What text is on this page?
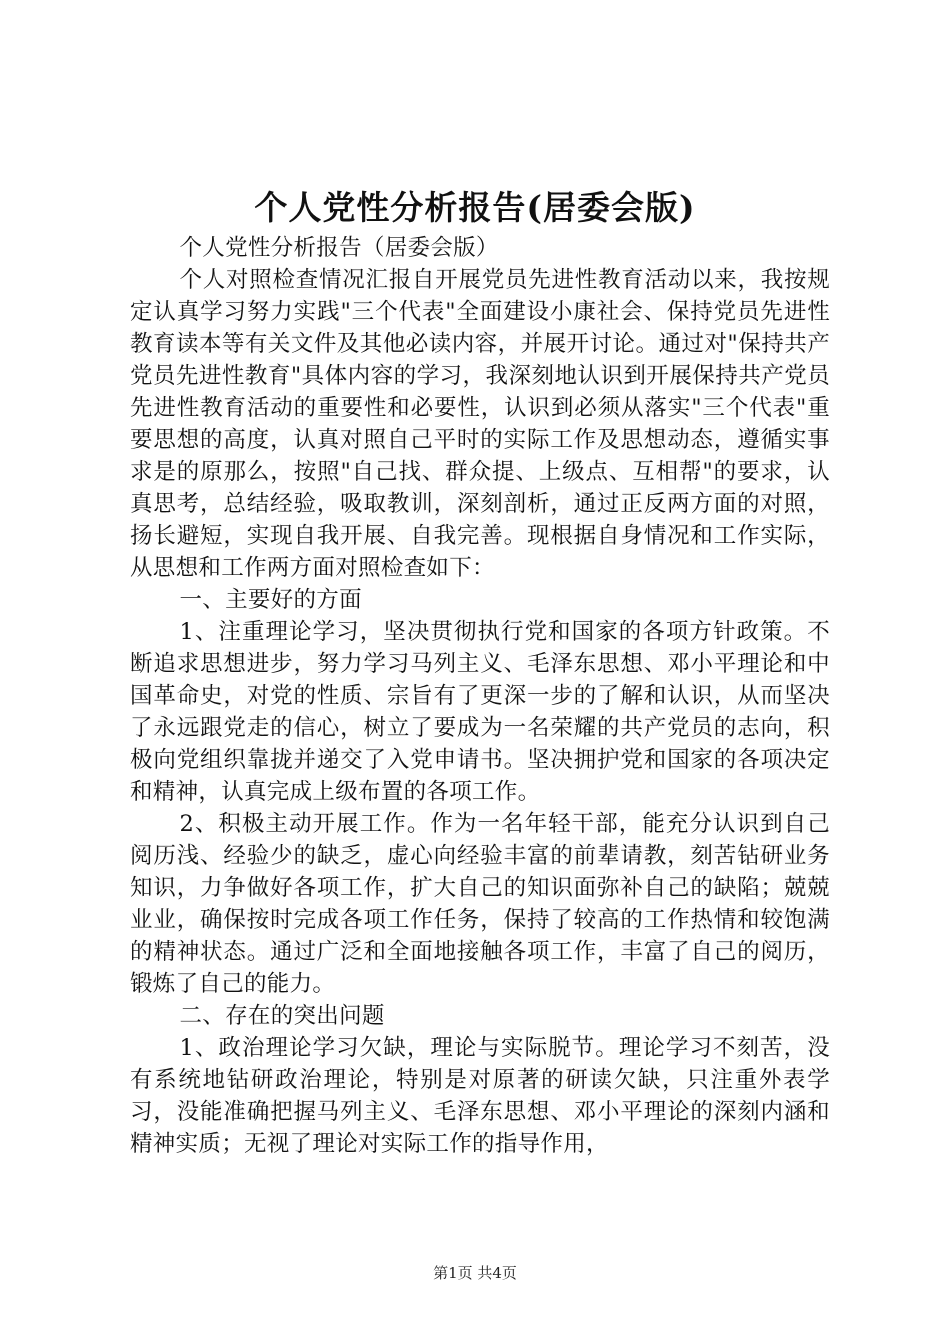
个人党性分析报告(居委会版)

个人党性分析报告（居委会版）

个人对照检查情况汇报自开展党员先进性教育活动以来，我按规定认真学习努力实践"三个代表"全面建设小康社会、保持党员先进性教育读本等有关文件及其他必读内容，并展开讨论。通过对"保持共产党员先进性教育"具体内容的学习，我深刻地认识到开展保持共产党员先进性教育活动的重要性和必要性，认识到必须从落实"三个代表"重要思想的高度，认真对照自己平时的实际工作及思想动态，遵循实事求是的原那么，按照"自己找、群众提、上级点、互相帮"的要求，认真思考，总结经验，吸取教训，深刻剖析，通过正反两方面的对照，扬长避短，实现自我开展、自我完善。现根据自身情况和工作实际，从思想和工作两方面对照检查如下：

一、主要好的方面

1、注重理论学习，坚决贯彻执行党和国家的各项方针政策。不断追求思想进步，努力学习马列主义、毛泽东思想、邓小平理论和中国革命史，对党的性质、宗旨有了更深一步的了解和认识，从而坚决了永远跟党走的信心，树立了要成为一名荣耀的共产党员的志向，积极向党组织靠拢并递交了入党申请书。坚决拥护党和国家的各项决定和精神，认真完成上级布置的各项工作。

2、积极主动开展工作。作为一名年轻干部，能充分认识到自己阅历浅、经验少的缺乏，虚心向经验丰富的前辈请教，刻苦钻研业务知识，力争做好各项工作，扩大自己的知识面弥补自己的缺陷；兢兢业业，确保按时完成各项工作任务，保持了较高的工作热情和较饱满的精神状态。通过广泛和全面地接触各项工作，丰富了自己的阅历，锻炼了自己的能力。

二、存在的突出问题

1、政治理论学习欠缺，理论与实际脱节。理论学习不刻苦，没有系统地钻研政治理论，特别是对原著的研读欠缺，只注重外表学习，没能准确把握马列主义、毛泽东思想、邓小平理论的深刻内涵和精神实质；无视了理论对实际工作的指导作用，

第1页 共4页
